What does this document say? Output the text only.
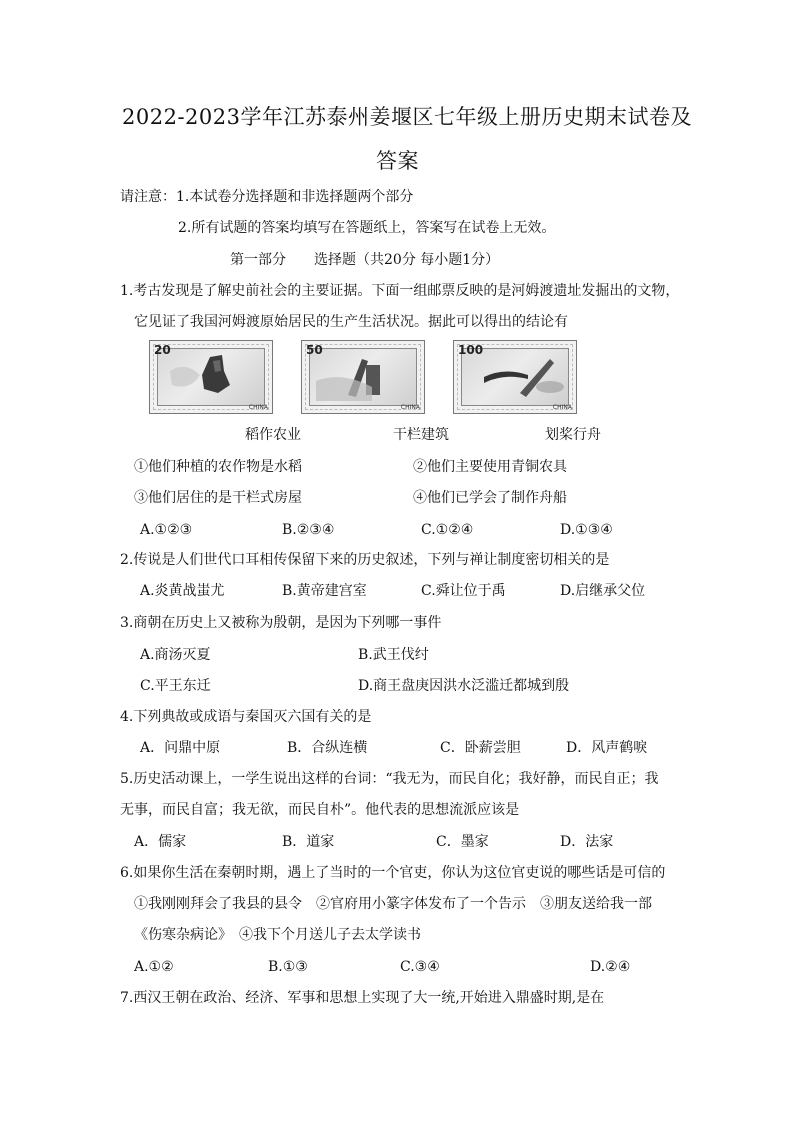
2022-2023学年江苏泰州姜堰区七年级上册历史期末试卷及
答案
请注意：1.本试卷分选择题和非选择题两个部分
2.所有试题的答案均填写在答题纸上，答案写在试卷上无效。
第一部分 选择题（共20分 每小题1分）
1.考古发现是了解史前社会的主要证据。下面一组邮票反映的是河姆渡遗址发掘出的文物，
它见证了我国河姆渡原始居民的生产生活状况。据此可以得出的结论有
20
CHINA
50
CHINA
100
CHINA
稻作农业	干栏建筑	划桨行舟
①他们种植的农作物是水稻	②他们主要使用青铜农具
③他们居住的是干栏式房屋	④他们已学会了制作舟船
A.①②③	B.②③④	C.①②④	D.①③④
2.传说是人们世代口耳相传保留下来的历史叙述，下列与禅让制度密切相关的是
A.炎黄战蚩尤	B.黄帝建宫室	C.舜让位于禹	D.启继承父位
3.商朝在历史上又被称为殷朝，是因为下列哪一事件
A.商汤灭夏	B.武王伐纣
C.平王东迁	D.商王盘庚因洪水泛滥迁都城到殷
4.下列典故或成语与秦国灭六国有关的是
A．问鼎中原	B．合纵连横	C．卧薪尝胆	D．风声鹤唳
5.历史活动课上，一学生说出这样的台词：“我无为，而民自化；我好静，而民自正；我
无事，而民自富；我无欲，而民自朴”。他代表的思想流派应该是
A．儒家	B．道家	C．墨家	D．法家
6.如果你生活在秦朝时期，遇上了当时的一个官吏，你认为这位官吏说的哪些话是可信的
①我刚刚拜会了我县的县令　②官府用小篆字体发布了一个告示　③朋友送给我一部
《伤寒杂病论》　④我下个月送儿子去太学读书
A.①②	B.①③	C.③④	D.②④
7.西汉王朝在政治、经济、军事和思想上实现了大一统,开始进入鼎盛时期,是在
